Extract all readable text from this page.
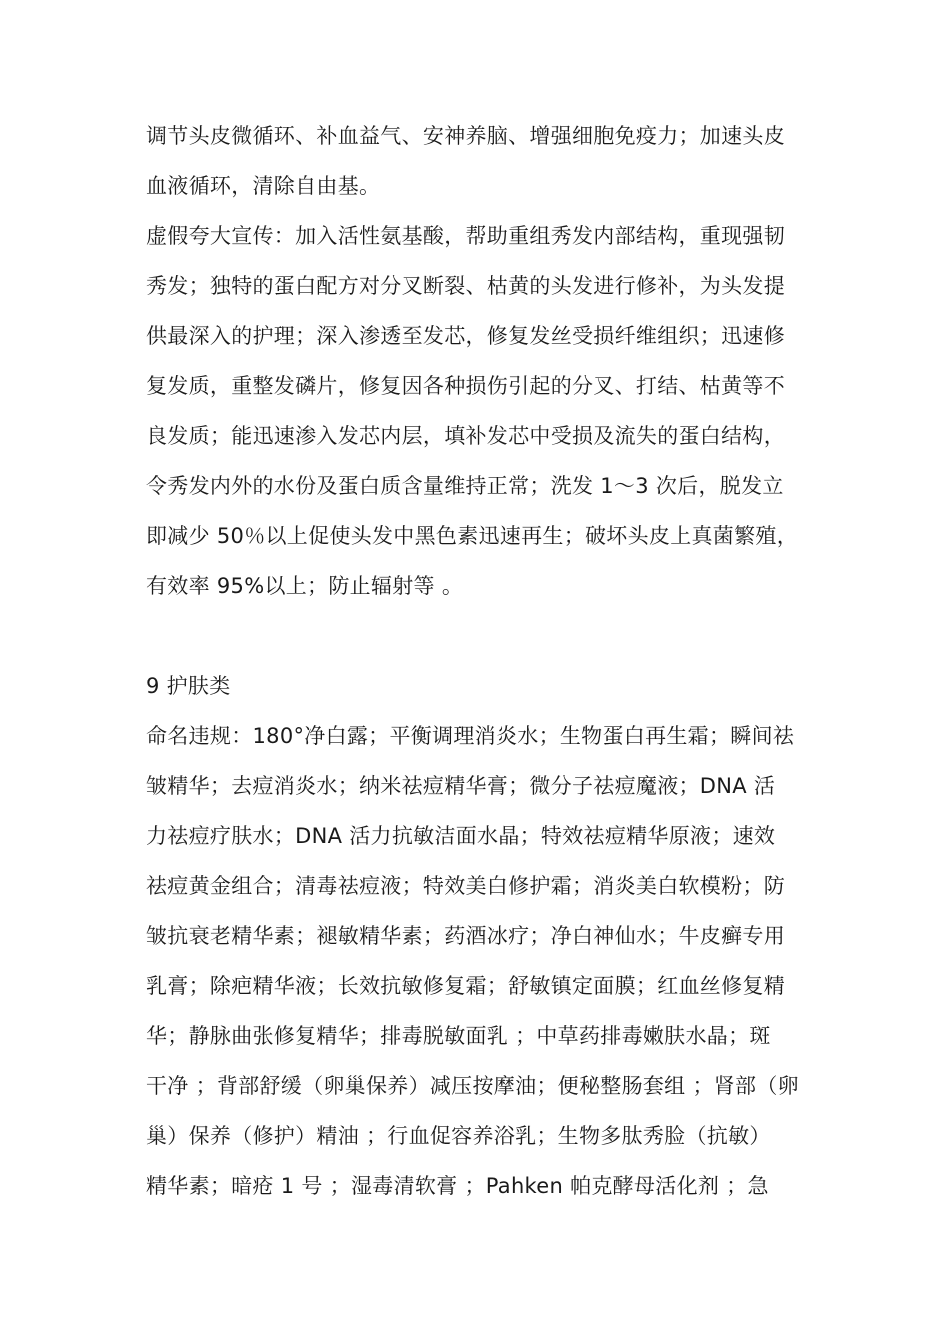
调节头皮微循环、补血益气、安神养脑、增强细胞免疫力；加速头皮
血液循环，清除自由基。
虚假夸大宣传：加入活性氨基酸，帮助重组秀发内部结构，重现强韧
秀发；独特的蛋白配方对分叉断裂、枯黄的头发进行修补，为头发提
供最深入的护理；深入渗透至发芯，修复发丝受损纤维组织；迅速修
复发质，重整发磷片，修复因各种损伤引起的分叉、打结、枯黄等不
良发质；能迅速渗入发芯内层，填补发芯中受损及流失的蛋白结构，
令秀发内外的水份及蛋白质含量维持正常；洗发 1～3 次后，脱发立
即减少 50％以上促使头发中黑色素迅速再生；破坏头皮上真菌繁殖，
有效率 95%以上；防止辐射等 。
9 护肤类
命名违规：180°净白露；平衡调理消炎水；生物蛋白再生霜；瞬间祛
皱精华；去痘消炎水；纳米祛痘精华膏；微分子祛痘魔液；DNA 活
力祛痘疗肤水；DNA 活力抗敏洁面水晶；特效祛痘精华原液；速效
祛痘黄金组合；清毒祛痘液；特效美白修护霜；消炎美白软模粉；防
皱抗衰老精华素；褪敏精华素；药酒冰疗；净白神仙水；牛皮癣专用
乳膏；除疤精华液；长效抗敏修复霜；舒敏镇定面膜；红血丝修复精
华；静脉曲张修复精华；排毒脱敏面乳 ；中草药排毒嫩肤水晶；斑
干净 ；背部舒缓（卵巢保养）减压按摩油；便秘整肠套组 ；肾部（卵
巢）保养（修护）精油 ；行血促容养浴乳；生物多肽秀脸（抗敏）
精华素；暗疮 1 号 ；湿毒清软膏 ；Pahken 帕克酵母活化剂 ；急
